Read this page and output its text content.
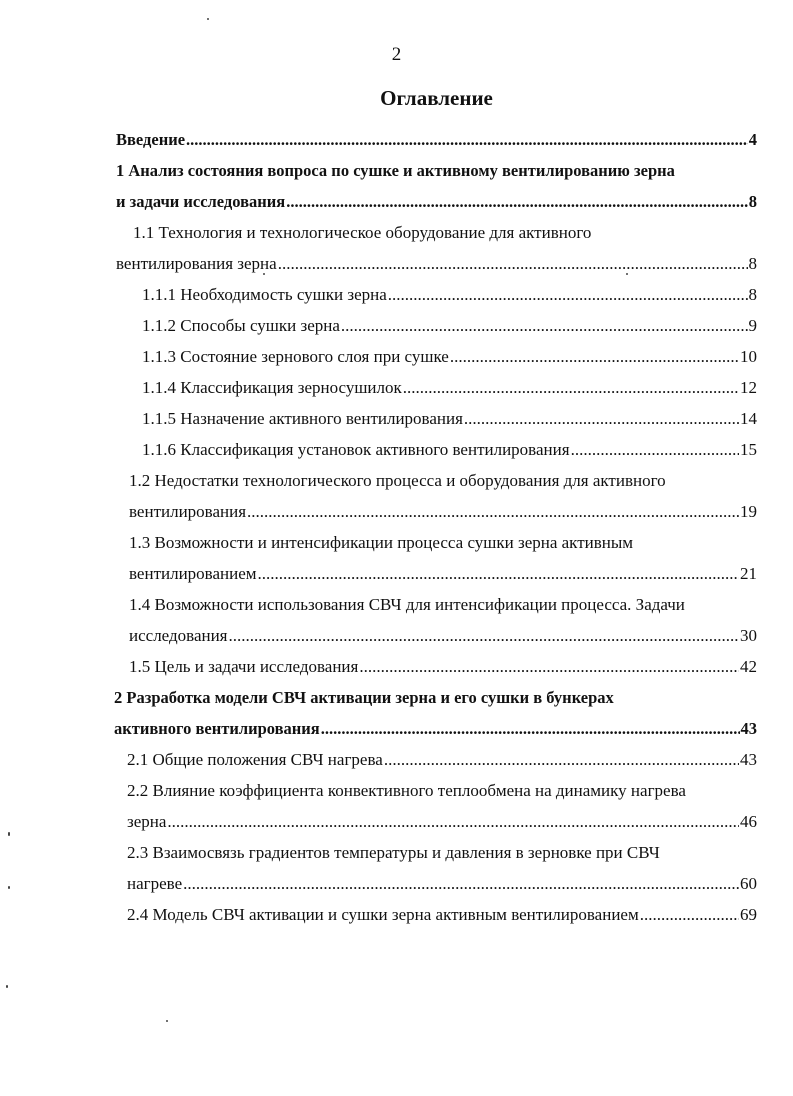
2
Оглавление
Введение .....	4
1 Анализ состояния вопроса по сушке и активному вентилированию зерна
и задачи исследования .....	8
1.1 Технология и технологическое оборудование для активного
вентилирования зерна .....	8
1.1.1 Необходимость сушки зерна .....	8
1.1.2 Способы сушки зерна .....	9
1.1.3 Состояние зернового слоя при сушке .....	10
1.1.4 Классификация зерносушилок .....	12
1.1.5 Назначение активного вентилирования .....	14
1.1.6 Классификация установок активного вентилирования .....	15
1.2 Недостатки технологического процесса и оборудования для активного
вентилирования .....	19
1.3 Возможности и интенсификации процесса сушки зерна активным
вентилированием .....	21
1.4 Возможности использования СВЧ для интенсификации процесса. Задачи
исследования .....	30
1.5 Цель и задачи исследования .....	42
2 Разработка модели СВЧ активации зерна и его сушки в бункерах
активного вентилирования .....	43
2.1 Общие положения СВЧ нагрева .....	43
2.2 Влияние коэффициента конвективного теплообмена на динамику нагрева
зерна .....	46
2.3 Взаимосвязь градиентов температуры и давления в зерновке при СВЧ
нагреве .....	60
2.4 Модель СВЧ активации и сушки зерна активным вентилированием .....	69
